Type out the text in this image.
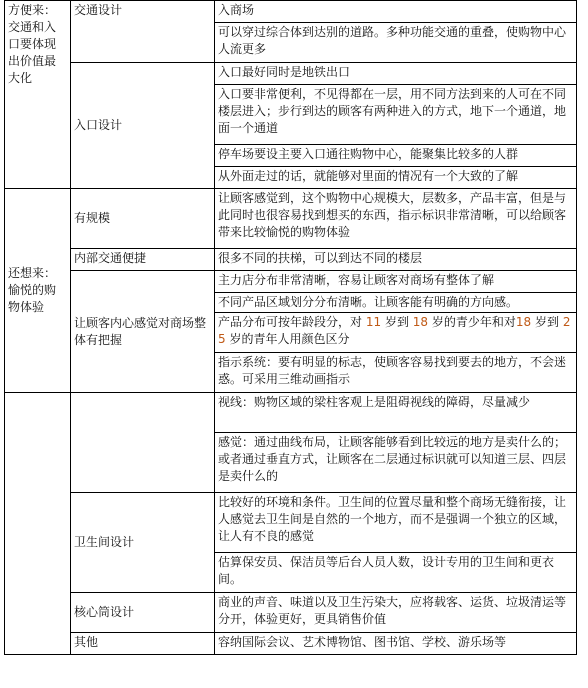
方便来：交通和入口要体现出价值最大化	交通设计	入商场
		可以穿过综合体到达别的道路。多种功能交通的重叠，使购物中心人流更多
	入口设计	入口最好同时是地铁出口
		入口要非常便利，不见得都在一层，用不同方法到来的人可在不同楼层进入；步行到达的顾客有两种进入的方式，地下一个通道，地面一个通道
		停车场要设主要入口通往购物中心，能聚集比较多的人群
		从外面走过的话，就能够对里面的情况有一个大致的了解
还想来：愉悦的购物体验	有规模	让顾客感觉到，这个购物中心规模大，层数多，产品丰富，但是与此同时也很容易找到想买的东西，指示标识非常清晰，可以给顾客带来比较愉悦的购物体验
	内部交通便捷	很多不同的扶梯，可以到达不同的楼层
	让顾客内心感觉对商场整体有把握	主力店分布非常清晰，容易让顾客对商场有整体了解
		不同产品区域划分分布清晰。让顾客能有明确的方向感。
		产品分布可按年龄段分，对 11 岁到 18 岁的青少年和对18 岁到 25 岁的青年人用颜色区分
		指示系统：要有明显的标志，使顾客容易找到要去的地方，不会迷惑。可采用三维动画指示
		视线：购物区域的梁柱客观上是阻碍视线的障碍，尽量减少
		感觉：通过曲线布局，让顾客能够看到比较远的地方是卖什么的；或者通过垂直方式，让顾客在二层通过标识就可以知道三层、四层是卖什么的
	卫生间设计	比较好的环境和条件。卫生间的位置尽量和整个商场无缝衔接，让人感觉去卫生间是自然的一个地方，而不是强调一个独立的区域，让人有不良的感觉
		估算保安员、保洁员等后台人员人数，设计专用的卫生间和更衣间。
	核心筒设计	商业的声音、味道以及卫生污染大，应将载客、运货、垃圾清运等分开，体验更好，更具销售价值
	其他	容纳国际会议、艺术博物馆、图书馆、学校、游乐场等
